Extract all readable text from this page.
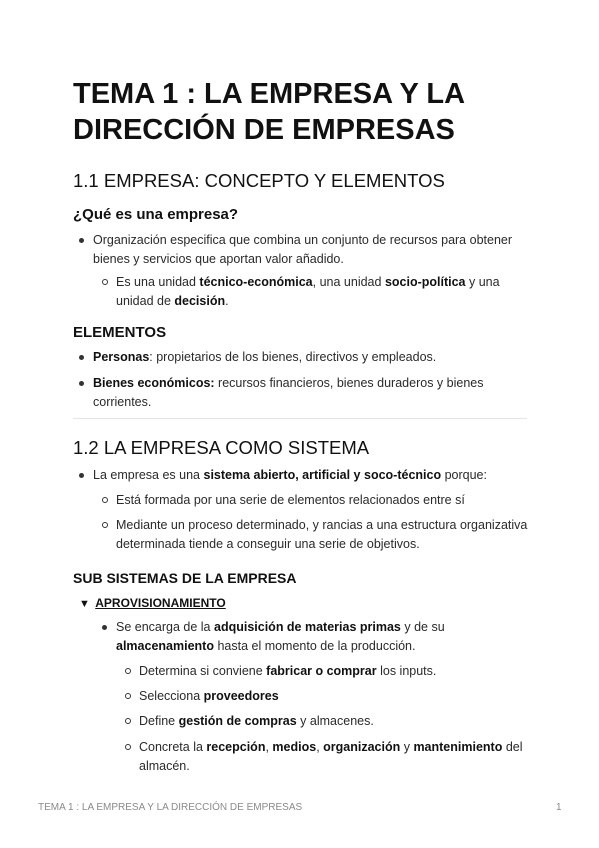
TEMA 1 : LA EMPRESA Y LA DIRECCIÓN DE EMPRESAS
1.1 EMPRESA: CONCEPTO Y ELEMENTOS
¿Qué es una empresa?
Organización especifica que combina un conjunto de recursos para obtener bienes y servicios que aportan valor añadido.
Es una unidad técnico-económica, una unidad socio-política y una unidad de decisión.
ELEMENTOS
Personas: propietarios de los bienes, directivos y empleados.
Bienes económicos: recursos financieros, bienes duraderos y bienes corrientes.
1.2 LA EMPRESA COMO SISTEMA
La empresa es una sistema abierto, artificial y soco-técnico porque:
Está formada por una serie de elementos relacionados entre sí
Mediante un proceso determinado, y rancias a una estructura organizativa determinada tiende a conseguir una serie de objetivos.
SUB SISTEMAS DE LA EMPRESA
▼ APROVISIONAMIENTO
Se encarga de la adquisición de materias primas y de su almacenamiento hasta el momento de la producción.
Determina si conviene fabricar o comprar los inputs.
Selecciona proveedores
Define gestión de compras y almacenes.
Concreta la recepción, medios, organización y mantenimiento del almacén.
TEMA 1 : LA EMPRESA Y LA DIRECCIÓN DE EMPRESAS	1
